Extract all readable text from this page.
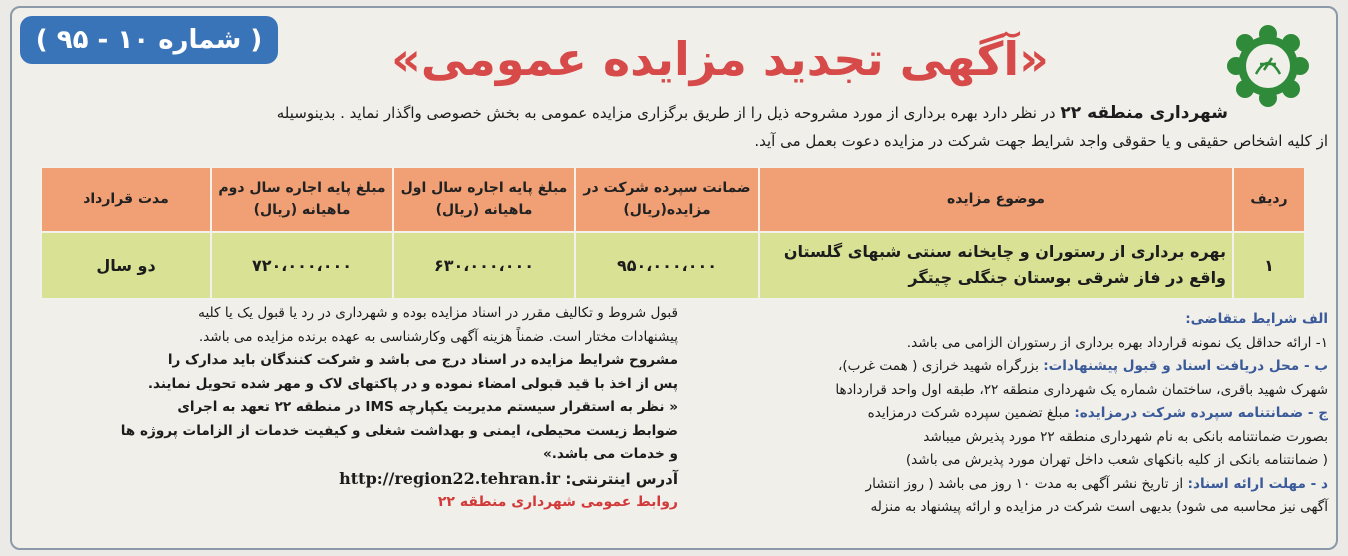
( شماره ۱۰ - ۹۵ )	«آگهی تجدید مزایده عمومی»
شهرداری منطقه ۲۲ در نظر دارد بهره برداری از مورد مشروحه ذیل را از طریق برگزاری مزایده عمومی به بخش خصوصی واگذار نماید . بدینوسیله
از کلیه اشخاص حقیقی و یا حقوقی واجد شرایط جهت شرکت در مزایده دعوت بعمل می آید.
ردیف	موضوع مزایده	ضمانت سپرده شرکت در مزایده(ریال)	مبلغ پایه اجاره سال اول ماهیانه (ریال)	مبلغ پایه اجاره سال دوم ماهیانه (ریال)	مدت قرارداد
۱	بهره برداری از رستوران و چایخانه سنتی شبهای گلستان واقع در فاز شرقی بوستان جنگلی چیتگر	۹۵۰،۰۰۰،۰۰۰	۶۳۰،۰۰۰،۰۰۰	۷۲۰،۰۰۰،۰۰۰	دو سال
الف شرایط متقاضی:
۱- ارائه حداقل یک نمونه قرارداد بهره برداری از رستوران الزامی می باشد.
ب - محل دریافت اسناد و قبول پیشنهادات: بزرگراه شهید خرازی ( همت غرب)،
شهرک شهید باقری، ساختمان شماره یک شهرداری منطقه ۲۲، طبقه اول واحد قراردادها
ج - ضمانتنامه سپرده شرکت درمزایده: مبلغ تضمین سپرده شرکت درمزایده
بصورت ضمانتنامه بانکی به نام شهرداری منطقه ۲۲ مورد پذیرش میباشد
( ضمانتنامه بانکی از کلیه بانکهای شعب داخل تهران مورد پذیرش می باشد)
د - مهلت ارائه اسناد: از تاریخ نشر آگهی به مدت ۱۰ روز می باشد ( روز انتشار
آگهی نیز محاسبه می شود) بدیهی است شرکت در مزایده و ارائه پیشنهاد به منزله
قبول شروط و تکالیف مقرر در اسناد مزایده بوده و شهرداری در رد یا قبول یک یا کلیه
پیشنهادات مختار است. ضمناً هزینه آگهی وکارشناسی به عهده برنده مزایده می باشد.
مشروح شرایط مزایده در اسناد درج می باشد و شرکت کنندگان باید مدارک را
پس از اخذ با قید قبولی امضاء نموده و در پاکتهای لاک و مهر شده تحویل نمایند.
« نظر به استقرار سیستم مدیریت یکپارچه IMS در منطقه ۲۲ تعهد به اجرای
ضوابط زیست محیطی، ایمنی و بهداشت شغلی و کیفیت خدمات از الزامات پروژه ها
و خدمات می باشد.»
آدرس اینترنتی: http://region22.tehran.ir
روابط عمومی شهرداری منطقه ۲۲
